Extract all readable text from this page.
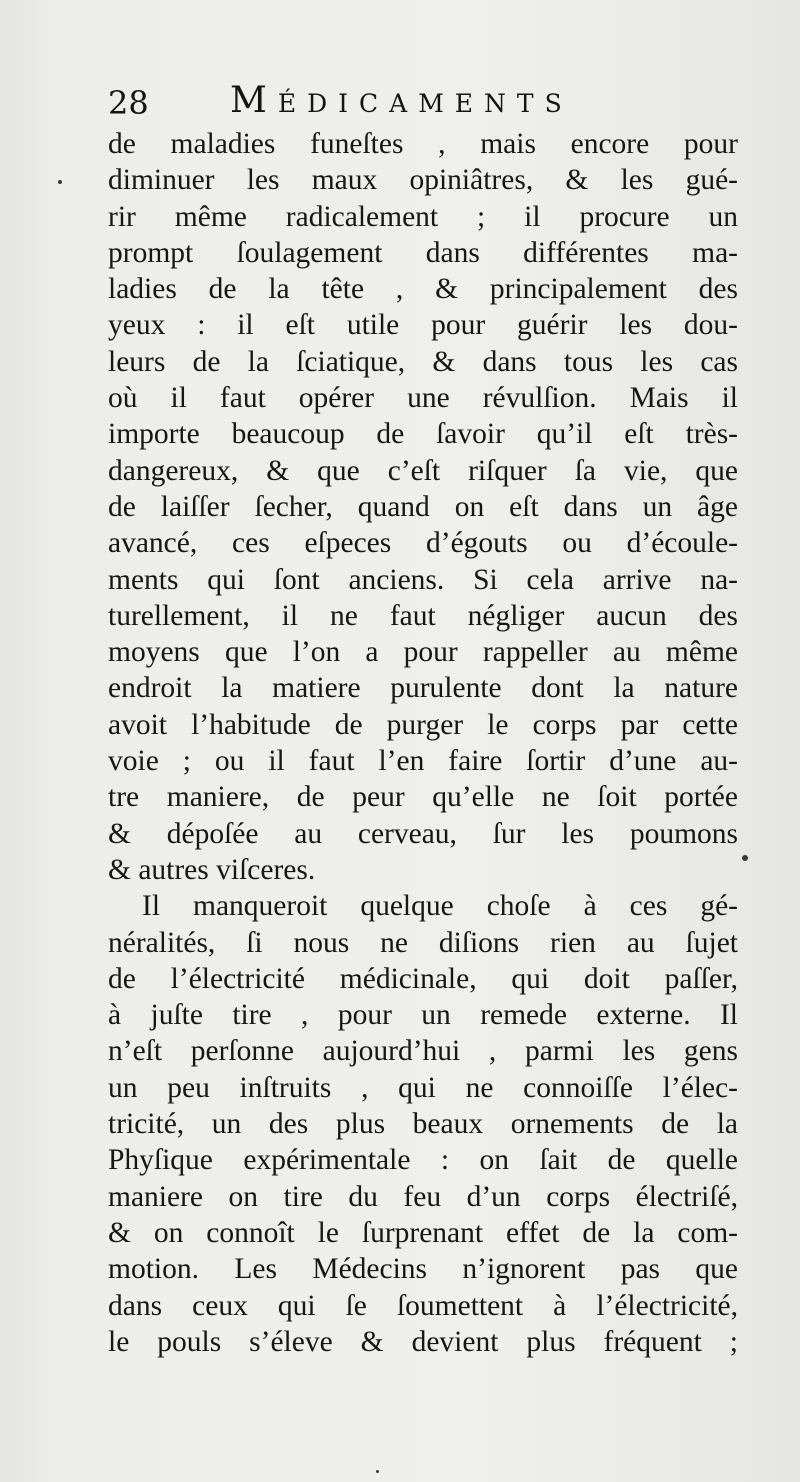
28 Médicaments
de maladies funeſtes , mais encore pour
diminuer les maux opiniâtres, & les gué-
rir même radicalement ; il procure un
prompt ſoulagement dans différentes ma-
ladies de la tête , & principalement des
yeux : il eſt utile pour guérir les dou-
leurs de la ſciatique, & dans tous les cas
où il faut opérer une révulſion. Mais il
importe beaucoup de ſavoir qu’il eſt très-
dangereux, & que c’eſt riſquer ſa vie, que
de laiſſer ſecher, quand on eſt dans un âge
avancé, ces eſpeces d’égouts ou d’écoule-
ments qui ſont anciens. Si cela arrive na-
turellement, il ne faut négliger aucun des
moyens que l’on a pour rappeller au même
endroit la matiere purulente dont la nature
avoit l’habitude de purger le corps par cette
voie ; ou il faut l’en faire ſortir d’une au-
tre maniere, de peur qu’elle ne ſoit portée
& dépoſée au cerveau, ſur les poumons
& autres viſceres.
Il manqueroit quelque choſe à ces gé-
néralités, ſi nous ne diſions rien au ſujet
de l’électricité médicinale, qui doit paſſer,
à juſte tire , pour un remede externe. Il
n’eſt perſonne aujourd’hui , parmi les gens
un peu inſtruits , qui ne connoiſſe l’élec-
tricité, un des plus beaux ornements de la
Phyſique expérimentale : on ſait de quelle
maniere on tire du feu d’un corps électriſé,
& on connoît le ſurprenant effet de la com-
motion. Les Médecins n’ignorent pas que
dans ceux qui ſe ſoumettent à l’électricité,
le pouls s’éleve & devient plus fréquent ;
